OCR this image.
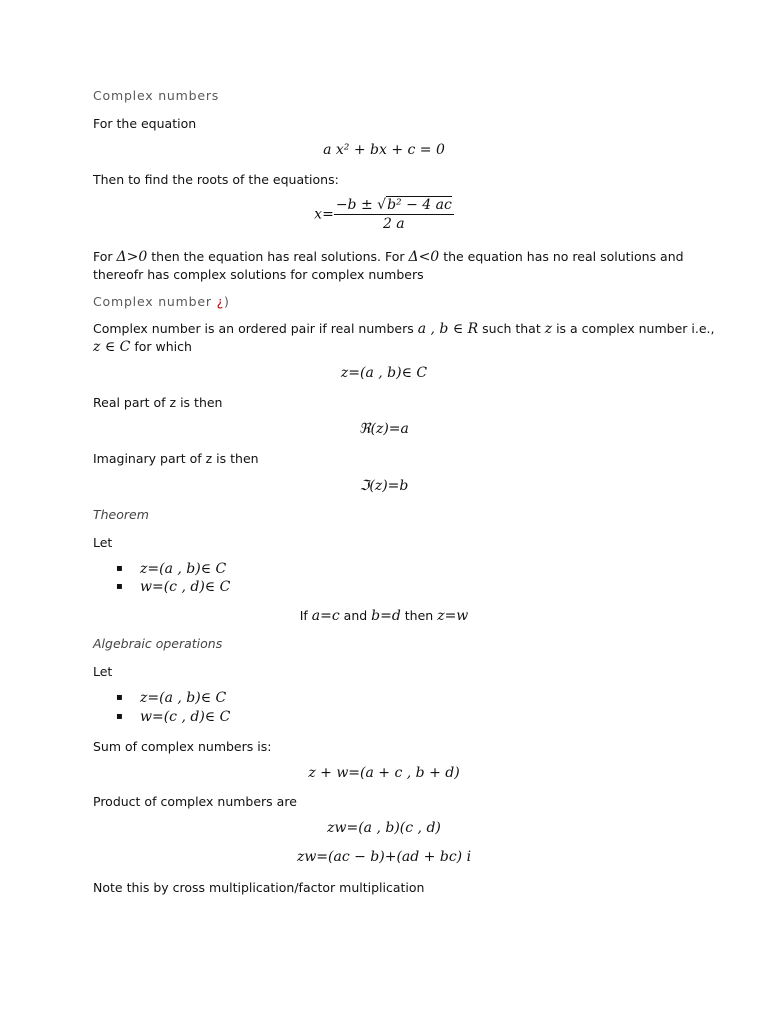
Complex numbers
For the equation
a x² + bx + c = 0
Then to find the roots of the equations:
$x= \frac{\text{−b ± √b² − 4 ac}}{2 a}$
For Δ>0 then the equation has real solutions. For Δ<0 the equation has no real solutions and
thereofr has complex solutions for complex numbers
Complex number ¿)
Complex number is an ordered pair if real numbers a , b ∈ R such that z is a complex number i.e.,
z ∈ C for which
z=(a , b)∈ C
Real part of z is then
ℜ(z)=a
Imaginary part of z is then
ℑ(z)=b
Theorem
Let
▪ z=(a , b)∈ C
▪ w=(c , d)∈ C
If a=c and b=d then z=w
Algebraic operations
Let
▪ z=(a , b)∈ C
▪ w=(c , d)∈ C
Sum of complex numbers is:
z + w=(a + c , b + d)
Product of complex numbers are
zw=(a , b)(c , d)
zw=(ac − b)+(ad + bc) i
Note this by cross multiplication/factor multiplication
